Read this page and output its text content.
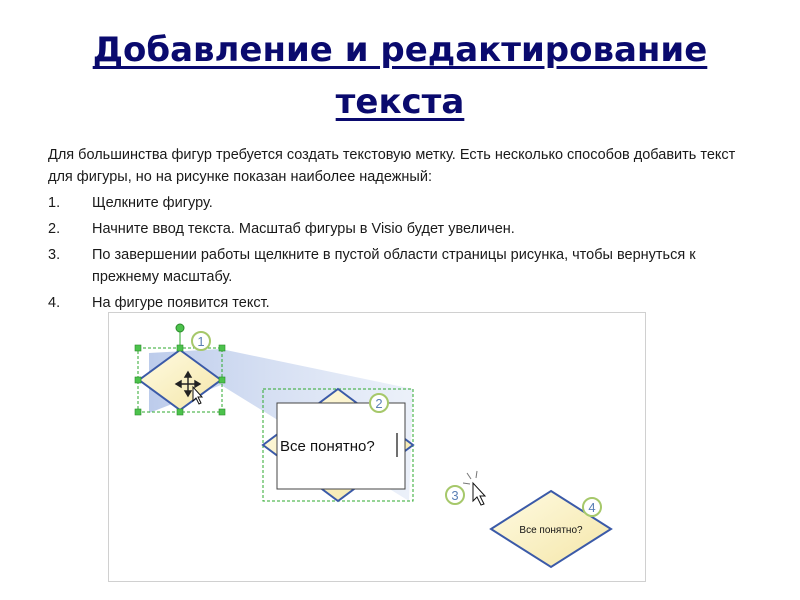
Добавление и редактирование
текста
Для большинства фигур требуется создать текстовую метку. Есть несколько способов добавить текст для фигуры, но на рисунке показан наиболее надежный:
1.	Щелкните фигуру.
2.	Начните ввод текста. Масштаб фигуры в Visio будет увеличен.
3.	По завершении работы щелкните в пустой области страницы рисунка, чтобы вернуться к прежнему масштабу.
4.	На фигуре появится текст.
Все понятно?
Все понятно?
1
2
3
4
